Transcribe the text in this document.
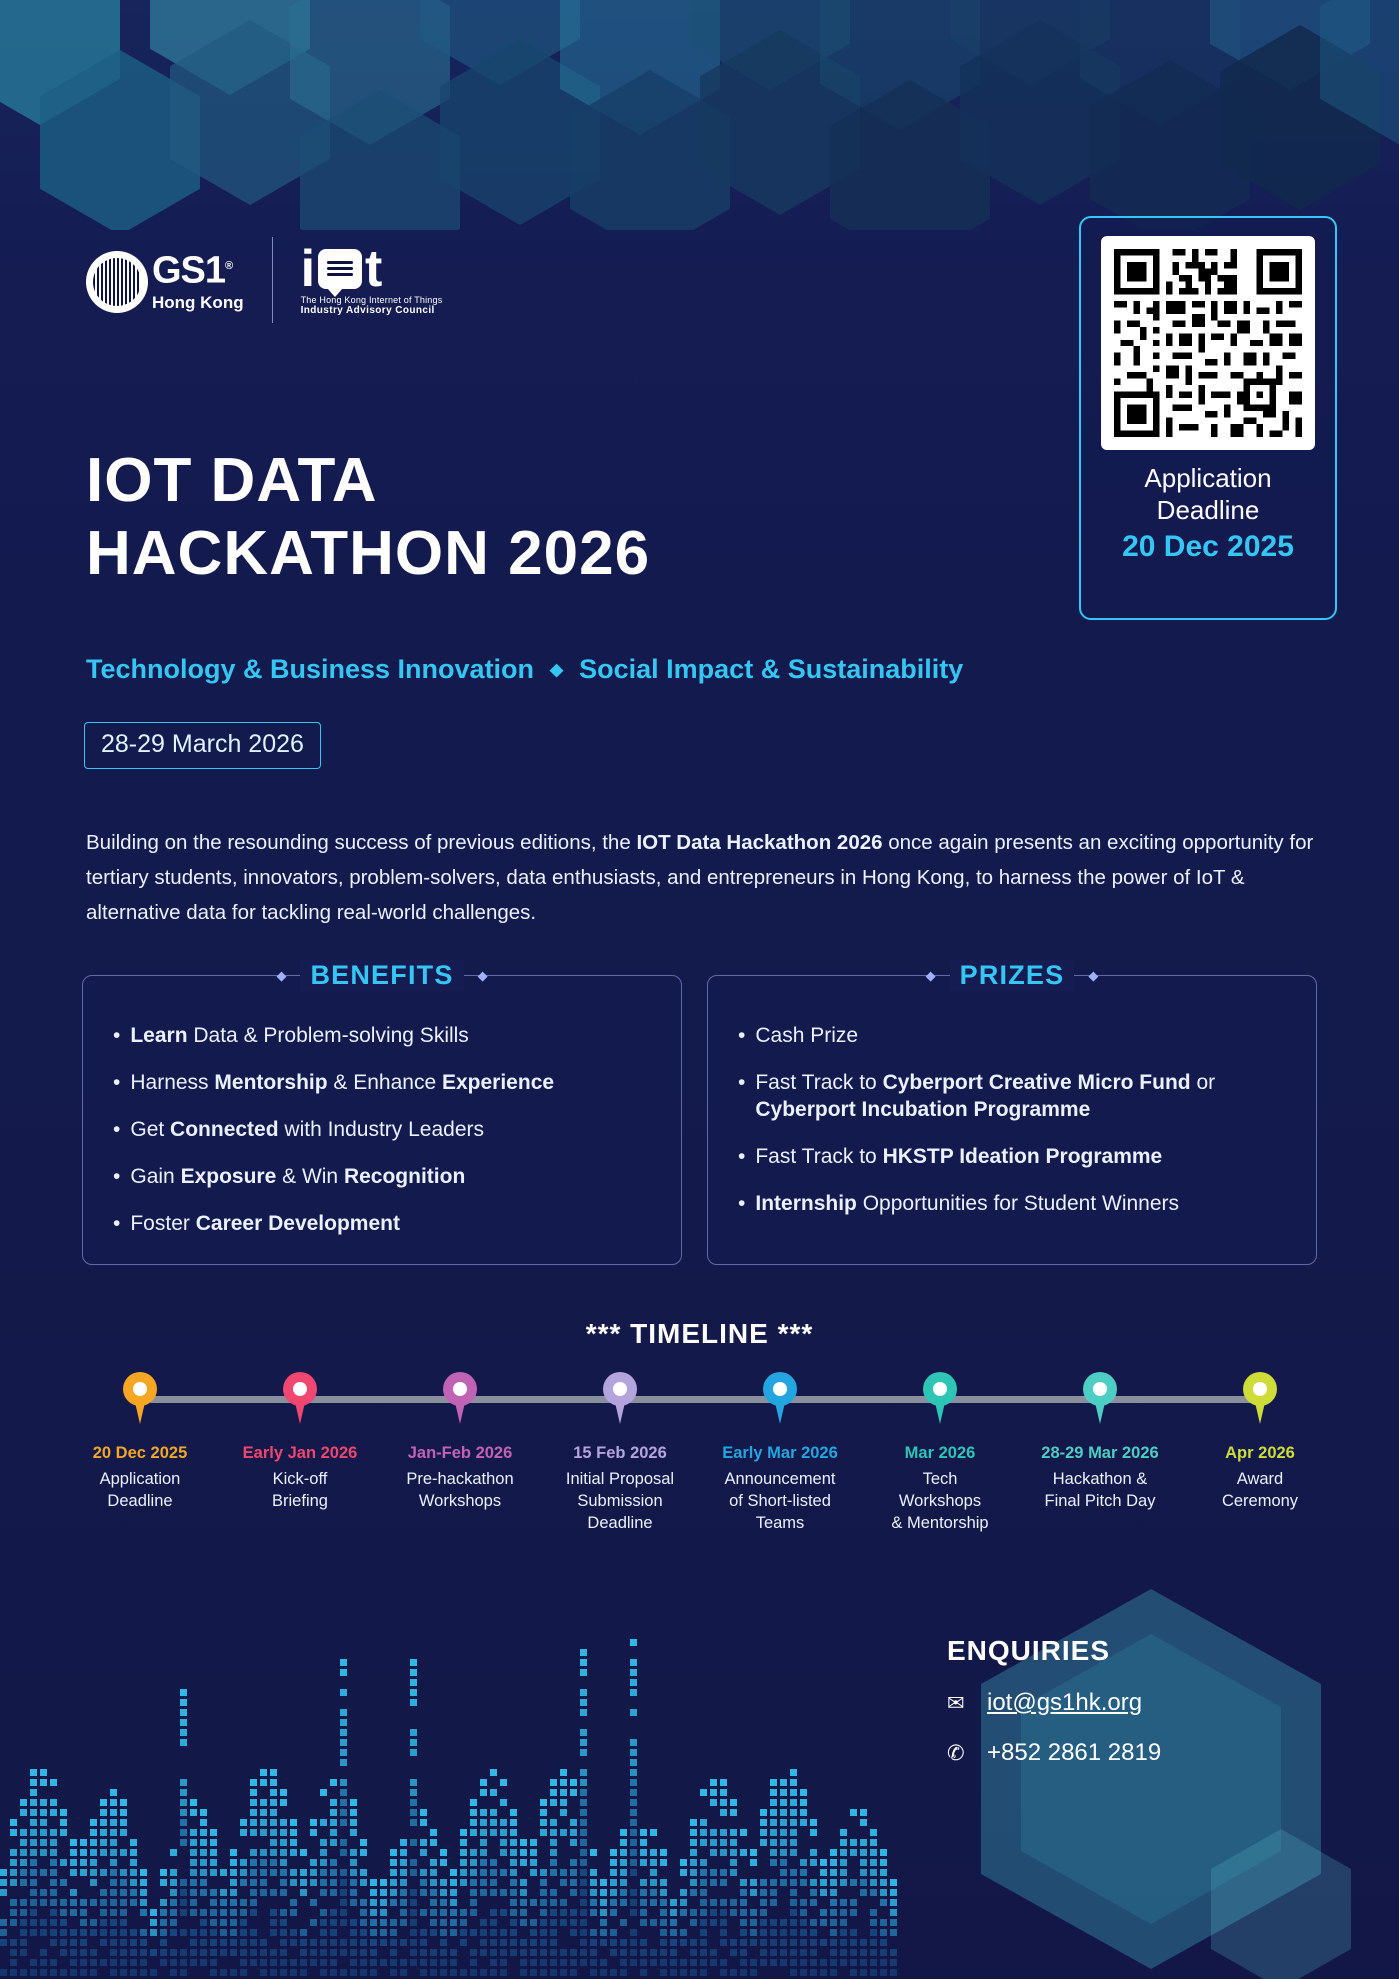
GS1®
Hong Kong
i t
The Hong Kong Internet of Things
Industry Advisory Council
Application
Deadline
20 Dec 2025
IOT DATA
HACKATHON 2026
Technology & Business Innovation ◆ Social Impact & Sustainability
28-29 March 2026

Building on the resounding success of previous editions, the IOT Data Hackathon 2026 once again presents an exciting opportunity for tertiary students, innovators, problem-solvers, data enthusiasts, and entrepreneurs in Hong Kong, to harness the power of IoT & alternative data for tackling real-world challenges.

◆ BENEFITS	◆
• Learn Data & Problem-solving Skills
• Harness Mentorship & Enhance Experience
• Get Connected with Industry Leaders
• Gain Exposure & Win Recognition
• Foster Career Development
◆ PRIZES	◆
• Cash Prize
• Fast Track to Cyberport Creative Micro Fund or Cyberport Incubation Programme
• Fast Track to HKSTP Ideation Programme
• Internship Opportunities for Student Winners
*** TIMELINE ***
20 Dec 2025
Application
Deadline
Early Jan 2026
Kick-off
Briefing
Jan-Feb 2026
Pre-hackathon
Workshops
15 Feb 2026
Initial Proposal
Submission
Deadline
Early Mar 2026
Announcement
of Short-listed
Teams
Mar 2026
Tech
Workshops
& Mentorship
28-29 Mar 2026
Hackathon &
Final Pitch Day
Apr 2026
Award
Ceremony
ENQUIRIES
✉ iot@gs1hk.org
✆ +852 2861 2819
